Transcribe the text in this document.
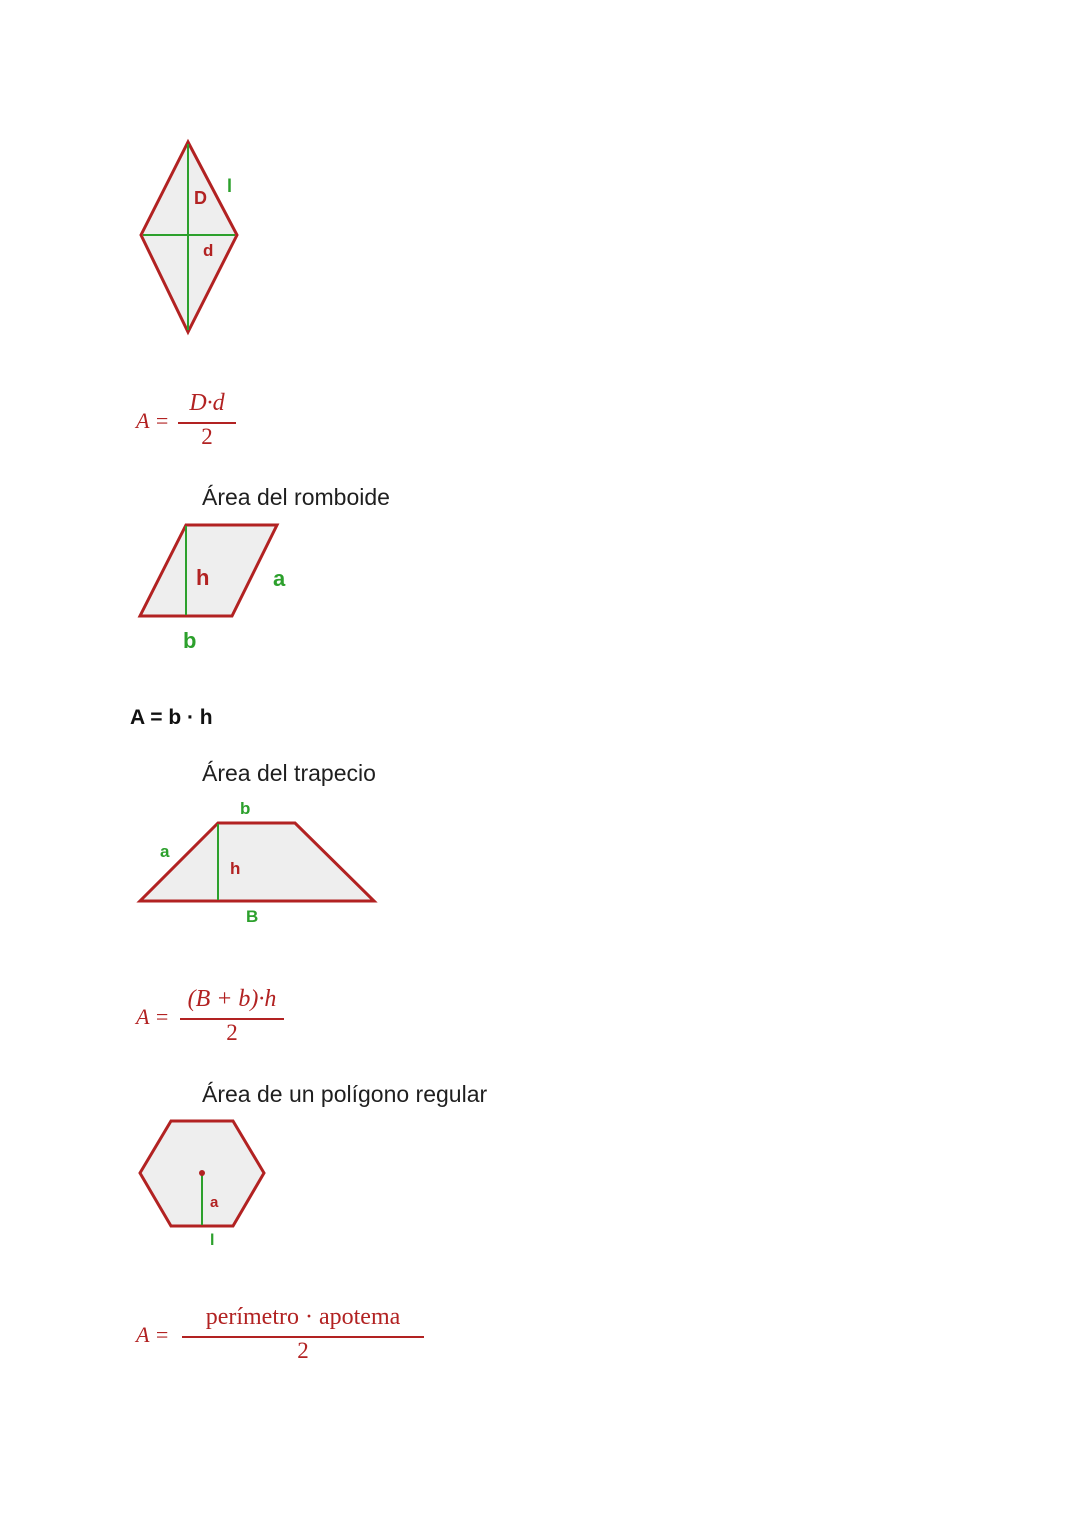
D
d
l
A =
D·d
2
Área del romboide
h	a
b
A = b · h
Área del trapecio
b
a
h
B
A =
(B + b)·h
2
Área de un polígono regular
a
l
A =
perímetro · apotema
2
